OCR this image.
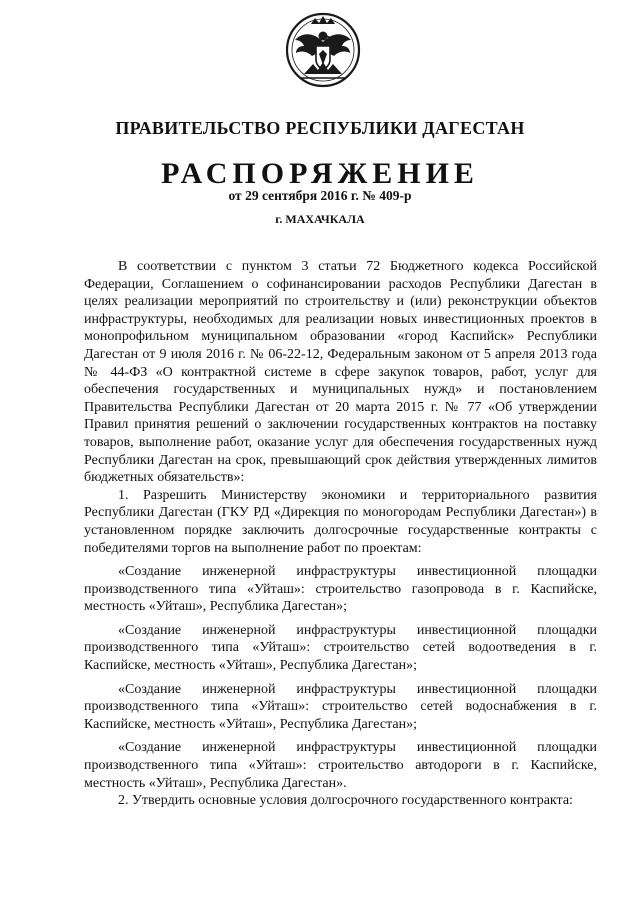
ПРАВИТЕЛЬСТВО РЕСПУБЛИКИ ДАГЕСТАН
РАСПОРЯЖЕНИЕ
от 29 сентября 2016 г. № 409-р
г. МАХАЧКАЛА

В соответствии с пунктом 3 статьи 72 Бюджетного кодекса Российской Федерации, Соглашением о софинансировании расходов Республики Дагестан в целях реализации мероприятий по строительству и (или) реконструкции объектов инфраструктуры, необходимых для реализации новых инвестиционных проектов в монопрофильном муниципальном образовании «город Каспийск» Республики Дагестан от 9 июля 2016 г. № 06-22-12, Федеральным законом от 5 апреля 2013 года № 44-ФЗ «О контрактной системе в сфере закупок товаров, работ, услуг для обеспечения государственных и муниципальных нужд» и постановлением Правительства Республики Дагестан от 20 марта 2015 г. № 77 «Об утверждении Правил принятия решений о заключении государственных контрактов на поставку товаров, выполнение работ, оказание услуг для обеспечения государственных нужд Республики Дагестан на срок, превышающий срок действия утвержденных лимитов бюджетных обязательств»:

1. Разрешить Министерству экономики и территориального развития Республики Дагестан (ГКУ РД «Дирекция по моногородам Республики Дагестан») в установленном порядке заключить долгосрочные государственные контракты с победителями торгов на выполнение работ по проектам:

«Создание инженерной инфраструктуры инвестиционной площадки производственного типа «Уйташ»: строительство газопровода в г. Каспийске, местность «Уйташ», Республика Дагестан»;

«Создание инженерной инфраструктуры инвестиционной площадки производственного типа «Уйташ»: строительство сетей водоотведения в г. Каспийске, местность «Уйташ», Республика Дагестан»;

«Создание инженерной инфраструктуры инвестиционной площадки производственного типа «Уйташ»: строительство сетей водоснабжения в г. Каспийске, местность «Уйташ», Республика Дагестан»;

«Создание инженерной инфраструктуры инвестиционной площадки производственного типа «Уйташ»: строительство автодороги в г. Каспийске, местность «Уйташ», Республика Дагестан».

2. Утвердить основные условия долгосрочного государственного контракта:
